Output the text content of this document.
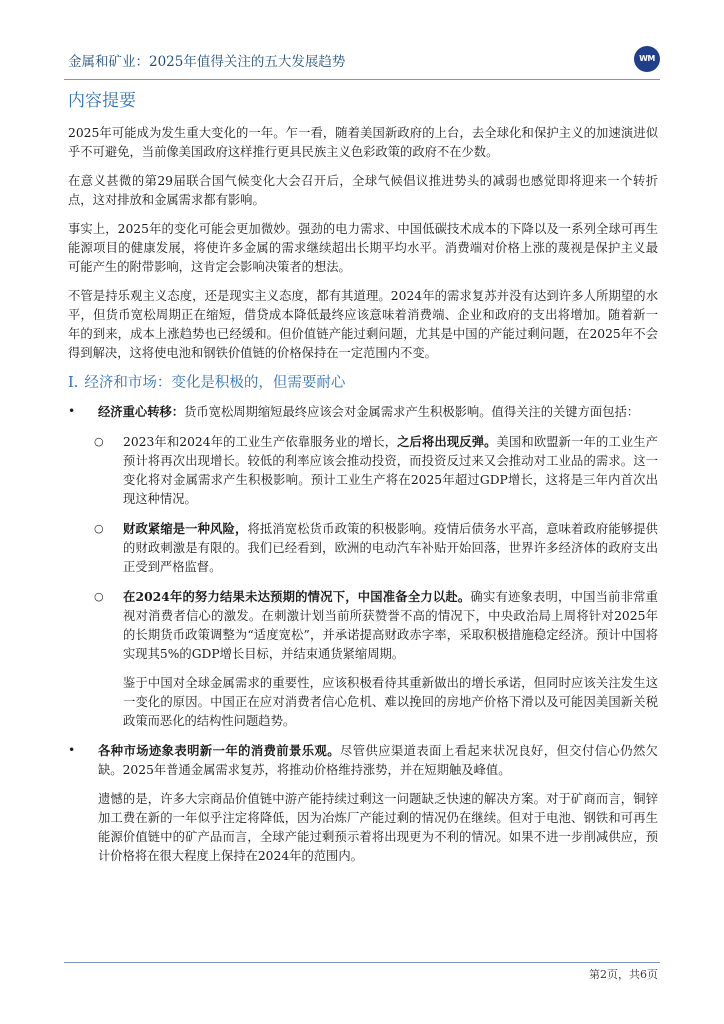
金属和矿业：2025年值得关注的五大发展趋势	WM
内容提要

2025年可能成为发生重大变化的一年。乍一看，随着美国新政府的上台，去全球化和保护主义的加速演进似乎不可避免，当前像美国政府这样推行更具民族主义色彩政策的政府不在少数。

在意义甚微的第29届联合国气候变化大会召开后，全球气候倡议推进势头的减弱也感觉即将迎来一个转折点，这对排放和金属需求都有影响。

事实上，2025年的变化可能会更加微妙。强劲的电力需求、中国低碳技术成本的下降以及一系列全球可再生能源项目的健康发展，将使许多金属的需求继续超出长期平均水平。消费端对价格上涨的蔑视是保护主义最可能产生的附带影响，这肯定会影响决策者的想法。

不管是持乐观主义态度，还是现实主义态度，都有其道理。2024年的需求复苏并没有达到许多人所期望的水平，但货币宽松周期正在缩短，借贷成本降低最终应该意味着消费端、企业和政府的支出将增加。随着新一年的到来，成本上涨趋势也已经缓和。但价值链产能过剩问题，尤其是中国的产能过剩问题，在2025年不会得到解决，这将使电池和钢铁价值链的价格保持在一定范围内不变。

I. 经济和市场：变化是积极的，但需要耐心
• 经济重心转移：货币宽松周期缩短最终应该会对金属需求产生积极影响。值得关注的关键方面包括：
○ 2023年和2024年的工业生产依靠服务业的增长，之后将出现反弹。美国和欧盟新一年的工业生产预计将再次出现增长。较低的利率应该会推动投资，而投资反过来又会推动对工业品的需求。这一变化将对金属需求产生积极影响。预计工业生产将在2025年超过GDP增长，这将是三年内首次出现这种情况。
○ 财政紧缩是一种风险，将抵消宽松货币政策的积极影响。疫情后债务水平高，意味着政府能够提供的财政刺激是有限的。我们已经看到，欧洲的电动汽车补贴开始回落，世界许多经济体的政府支出正受到严格监督。
○ 在2024年的努力结果未达预期的情况下，中国准备全力以赴。确实有迹象表明，中国当前非常重视对消费者信心的激发。在刺激计划当前所获赞誉不高的情况下，中央政治局上周将针对2025年的长期货币政策调整为“适度宽松”，并承诺提高财政赤字率，采取积极措施稳定经济。预计中国将实现其5%的GDP增长目标，并结束通货紧缩周期。

鉴于中国对全球金属需求的重要性，应该积极看待其重新做出的增长承诺，但同时应该关注发生这一变化的原因。中国正在应对消费者信心危机、难以挽回的房地产价格下滑以及可能因美国新关税政策而恶化的结构性问题趋势。

• 各种市场迹象表明新一年的消费前景乐观。尽管供应渠道表面上看起来状况良好，但交付信心仍然欠缺。2025年普通金属需求复苏，将推动价格维持涨势，并在短期触及峰值。

遗憾的是，许多大宗商品价值链中游产能持续过剩这一问题缺乏快速的解决方案。对于矿商而言，铜锌加工费在新的一年似乎注定将降低，因为冶炼厂产能过剩的情况仍在继续。但对于电池、钢铁和可再生能源价值链中的矿产品而言，全球产能过剩预示着将出现更为不利的情况。如果不进一步削减供应，预计价格将在很大程度上保持在2024年的范围内。

第2页，共6页
